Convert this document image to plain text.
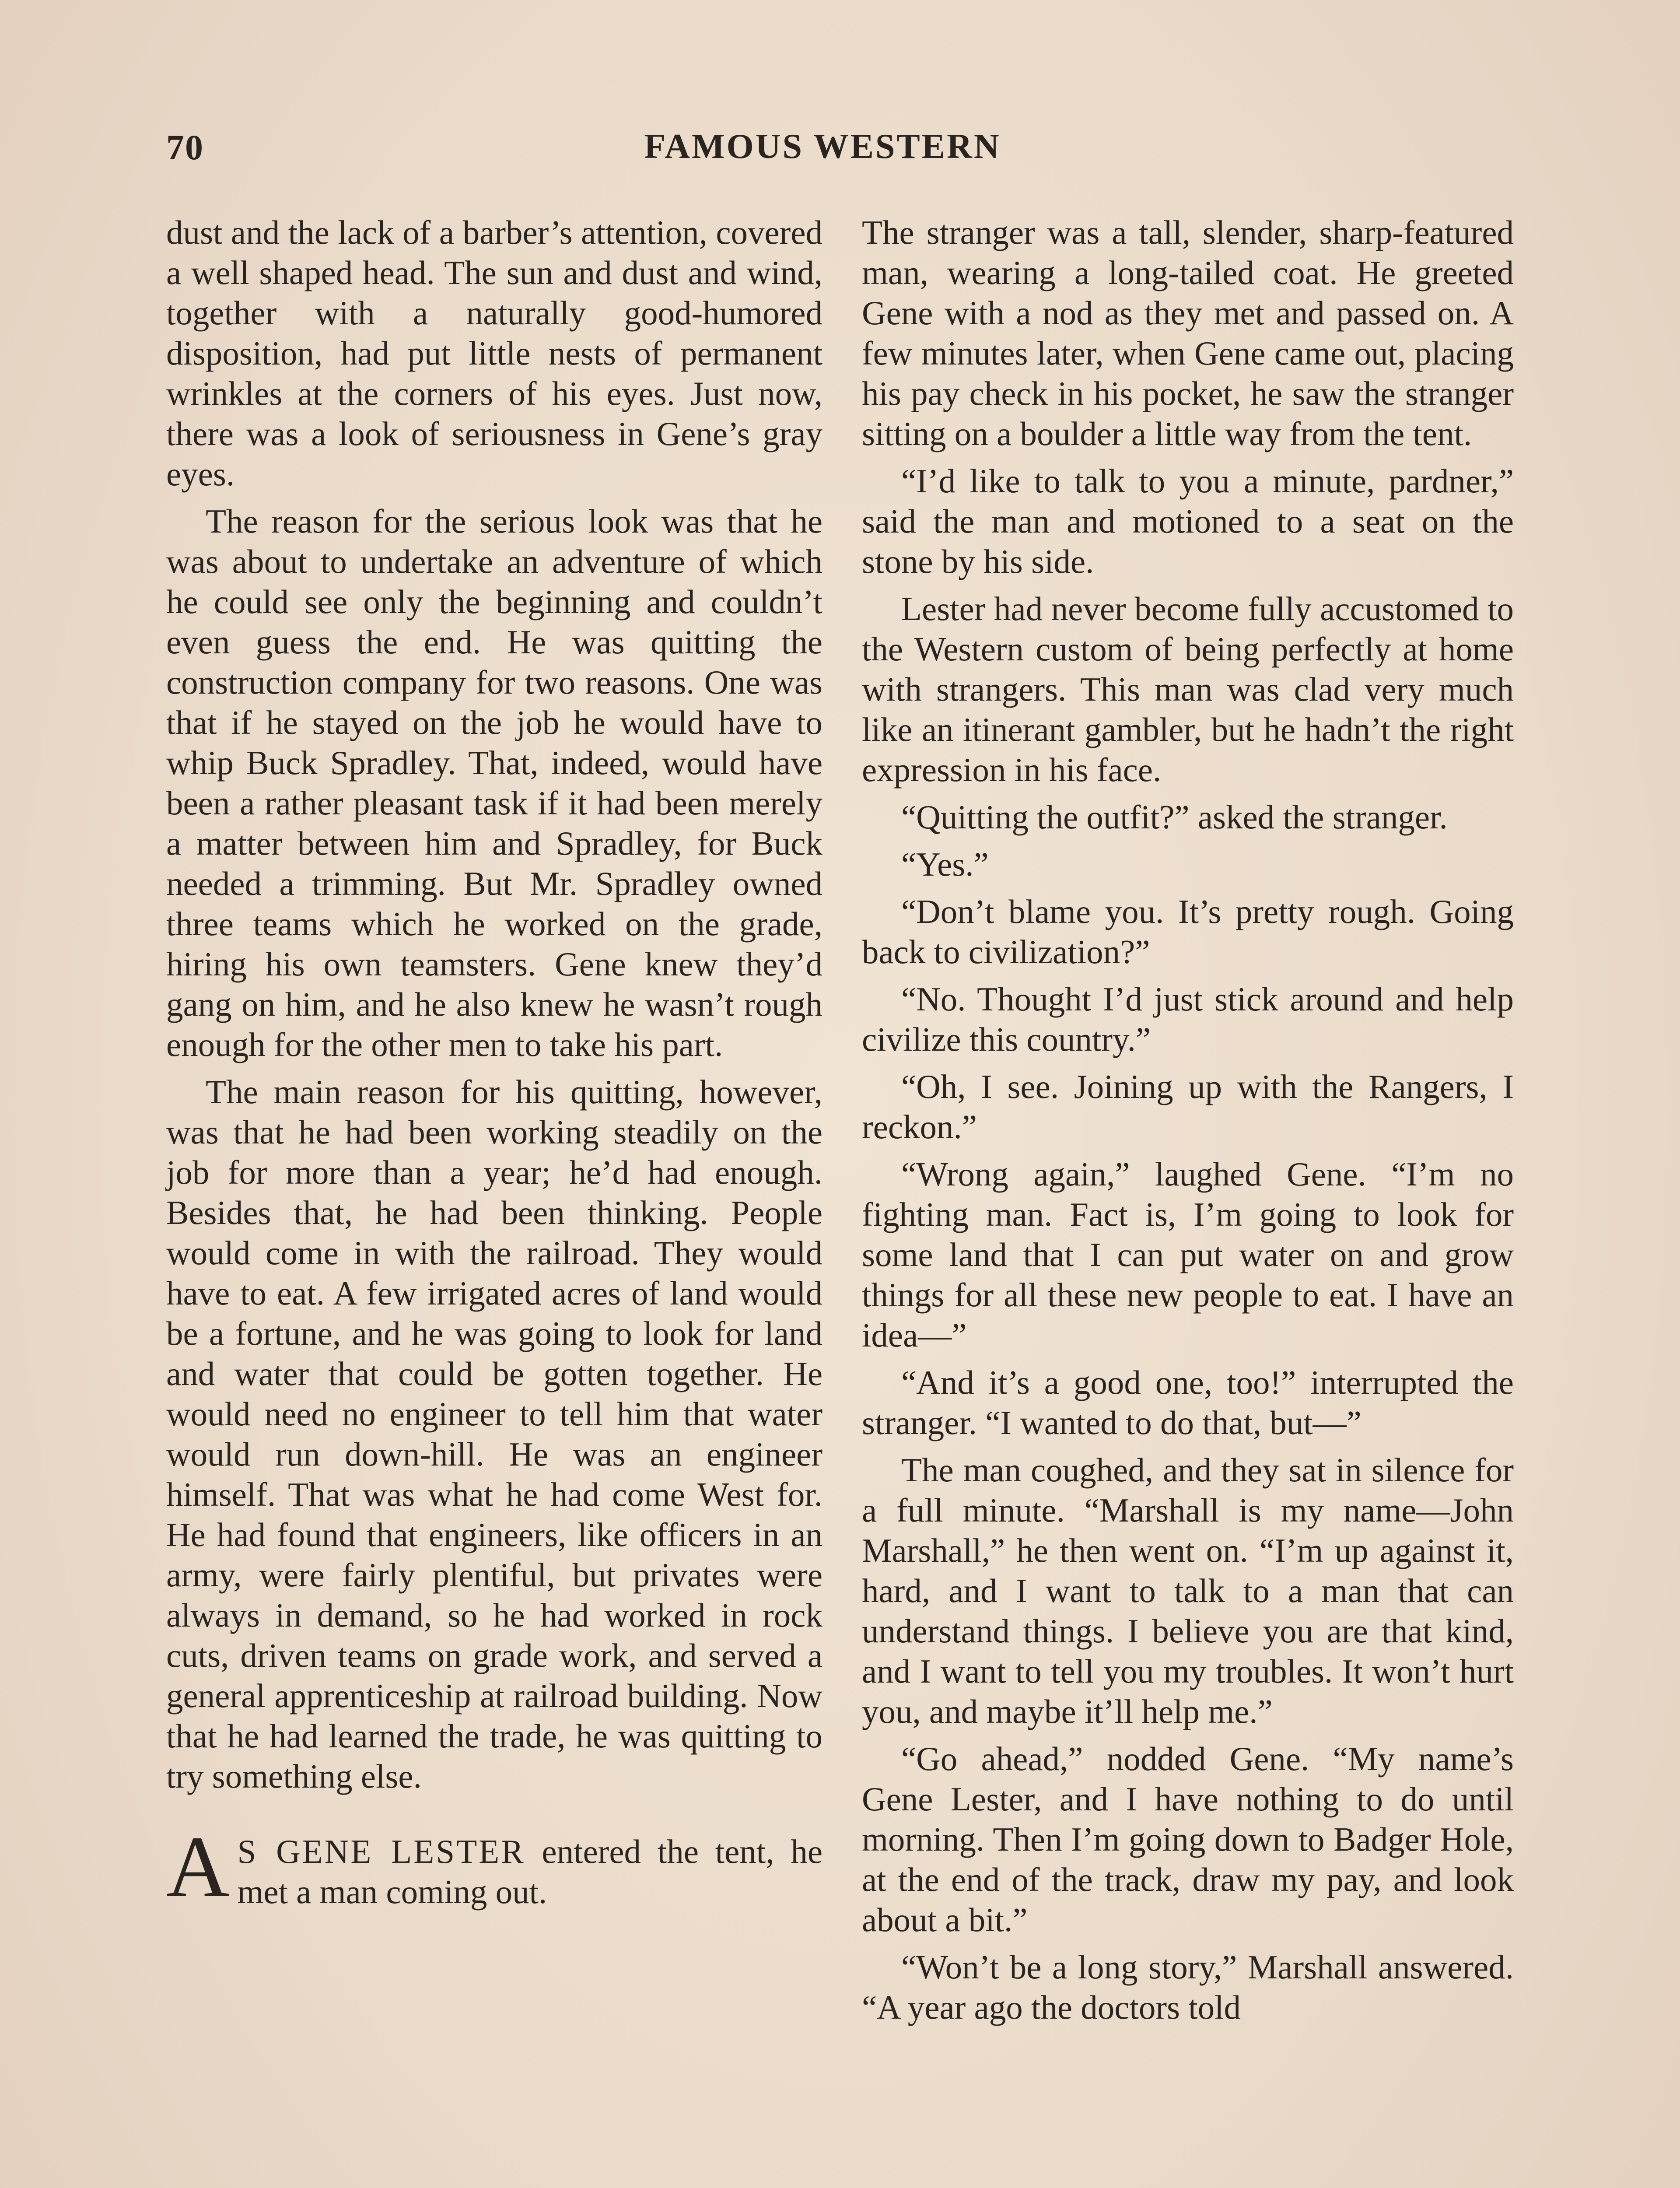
70	FAMOUS WESTERN

dust and the lack of a barber’s attention, covered a well shaped head. The sun and dust and wind, together with a naturally good-humored disposition, had put little nests of permanent wrinkles at the corners of his eyes. Just now, there was a look of seriousness in Gene’s gray eyes.

The reason for the serious look was that he was about to undertake an adventure of which he could see only the beginning and couldn’t even guess the end. He was quitting the construction company for two reasons. One was that if he stayed on the job he would have to whip Buck Spradley. That, indeed, would have been a rather pleasant task if it had been merely a matter between him and Spradley, for Buck needed a trimming. But Mr. Spradley owned three teams which he worked on the grade, hiring his own teamsters. Gene knew they’d gang on him, and he also knew he wasn’t rough enough for the other men to take his part.

The main reason for his quitting, however, was that he had been working steadily on the job for more than a year; he’d had enough. Besides that, he had been thinking. People would come in with the railroad. They would have to eat. A few irrigated acres of land would be a fortune, and he was going to look for land and water that could be gotten together. He would need no engineer to tell him that water would run down-hill. He was an engineer himself. That was what he had come West for. He had found that engineers, like officers in an army, were fairly plentiful, but privates were always in demand, so he had worked in rock cuts, driven teams on grade work, and served a general apprenticeship at railroad building. Now that he had learned the trade, he was quitting to try something else.

A S GENE LESTER entered the tent, he met a man coming out.

The stranger was a tall, slender, sharp-featured man, wearing a long-tailed coat. He greeted Gene with a nod as they met and passed on. A few minutes later, when Gene came out, placing his pay check in his pocket, he saw the stranger sitting on a boulder a little way from the tent.

“I’d like to talk to you a minute, pardner,” said the man and motioned to a seat on the stone by his side.

Lester had never become fully accustomed to the Western custom of being perfectly at home with strangers. This man was clad very much like an itinerant gambler, but he hadn’t the right expression in his face.

“Quitting the outfit?” asked the stranger.

“Yes.”

“Don’t blame you. It’s pretty rough. Going back to civilization?”

“No. Thought I’d just stick around and help civilize this country.”

“Oh, I see. Joining up with the Rangers, I reckon.”

“Wrong again,” laughed Gene. “I’m no fighting man. Fact is, I’m going to look for some land that I can put water on and grow things for all these new people to eat. I have an idea—”

“And it’s a good one, too!” interrupted the stranger. “I wanted to do that, but—”

The man coughed, and they sat in silence for a full minute. “Marshall is my name—John Marshall,” he then went on. “I’m up against it, hard, and I want to talk to a man that can understand things. I believe you are that kind, and I want to tell you my troubles. It won’t hurt you, and maybe it’ll help me.”

“Go ahead,” nodded Gene. “My name’s Gene Lester, and I have nothing to do until morning. Then I’m going down to Badger Hole, at the end of the track, draw my pay, and look about a bit.”

“Won’t be a long story,” Marshall answered. “A year ago the doctors told
